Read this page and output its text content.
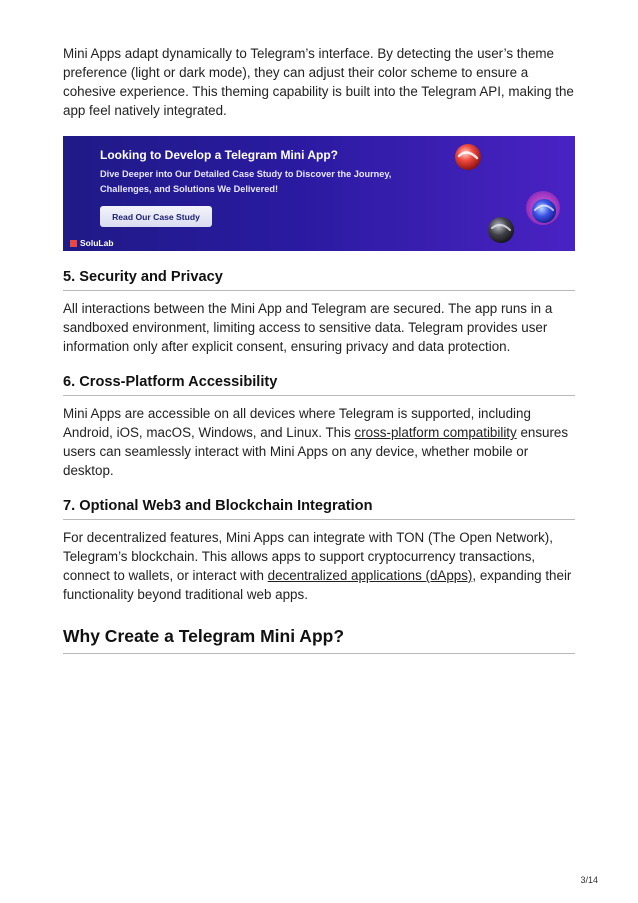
Mini Apps adapt dynamically to Telegram’s interface. By detecting the user’s theme preference (light or dark mode), they can adjust their color scheme to ensure a cohesive experience. This theming capability is built into the Telegram API, making the app feel natively integrated.

Looking to Develop a Telegram Mini App?
Dive Deeper into Our Detailed Case Study to Discover the Journey, Challenges, and Solutions We Delivered!
Read Our Case Study
SoluLab
5. Security and Privacy

All interactions between the Mini App and Telegram are secured. The app runs in a sandboxed environment, limiting access to sensitive data. Telegram provides user information only after explicit consent, ensuring privacy and data protection.

6. Cross-Platform Accessibility

Mini Apps are accessible on all devices where Telegram is supported, including Android, iOS, macOS, Windows, and Linux. This cross-platform compatibility ensures users can seamlessly interact with Mini Apps on any device, whether mobile or desktop.

7. Optional Web3 and Blockchain Integration

For decentralized features, Mini Apps can integrate with TON (The Open Network), Telegram’s blockchain. This allows apps to support cryptocurrency transactions, connect to wallets, or interact with decentralized applications (dApps), expanding their functionality beyond traditional web apps.

Why Create a Telegram Mini App?
3/14
